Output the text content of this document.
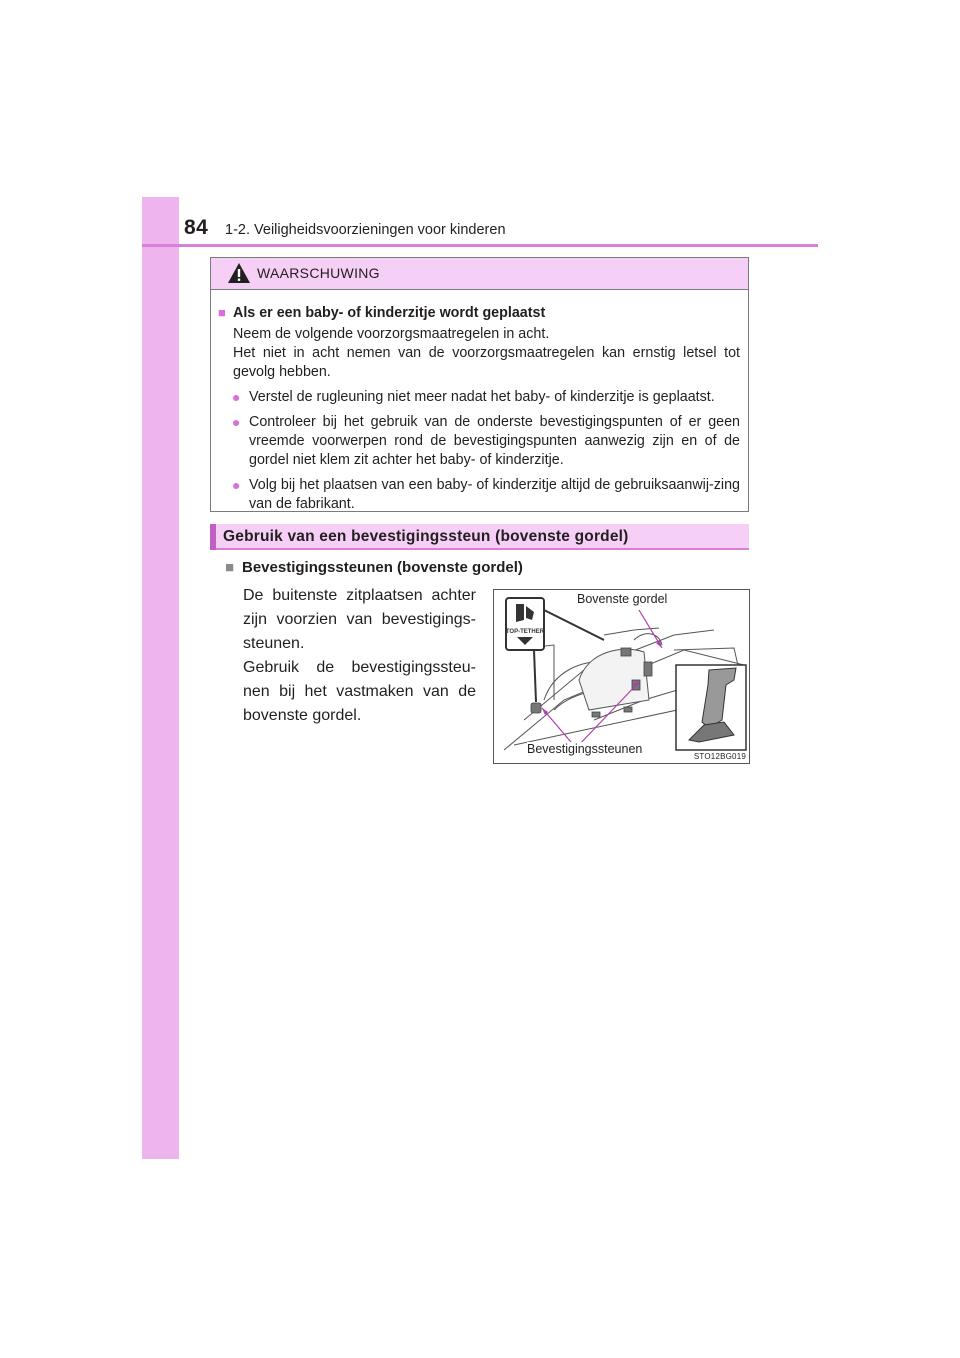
84 1-2. Veiligheidsvoorzieningen voor kinderen
WAARSCHUWING
■ Als er een baby- of kinderzitje wordt geplaatst
Neem de volgende voorzorgsmaatregelen in acht.
Het niet in acht nemen van de voorzorgsmaatregelen kan ernstig letsel tot gevolg hebben.
● Verstel de rugleuning niet meer nadat het baby- of kinderzitje is geplaatst.
● Controleer bij het gebruik van de onderste bevestigingspunten of er geen vreemde voorwerpen rond de bevestigingspunten aanwezig zijn en of de gordel niet klem zit achter het baby- of kinderzitje.
● Volg bij het plaatsen van een baby- of kinderzitje altijd de gebruiksaanwij-zing van de fabrikant.
Gebruik van een bevestigingssteun (bovenste gordel)
■ Bevestigingssteunen (bovenste gordel)
De buitenste zitplaatsen achter zijn voorzien van bevestigings-steunen.
Gebruik de bevestigingssteu-nen bij het vastmaken van de bovenste gordel.
TOP-TETHER
Bovenste gordel
Bevestigingssteunen
STO12BG019
